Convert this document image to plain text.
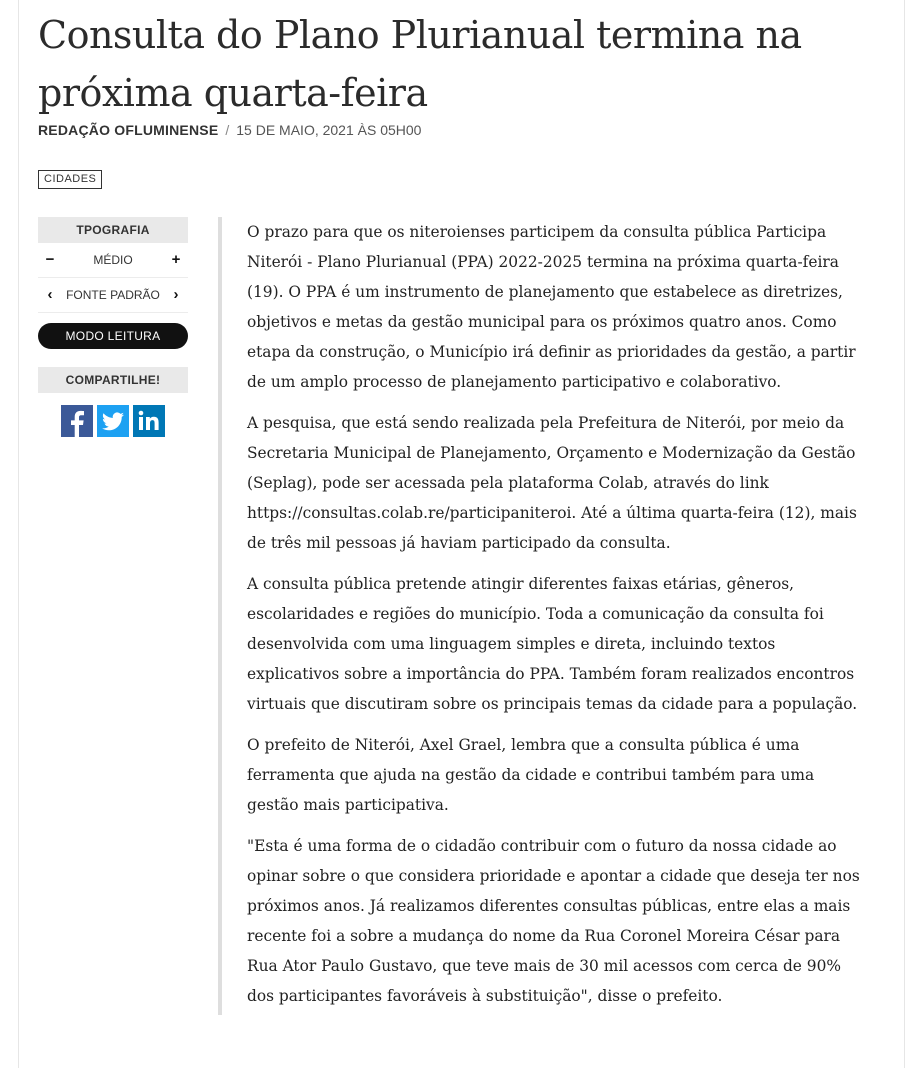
Consulta do Plano Plurianual termina na próxima quarta-feira
REDAÇÃO OFLUMINENSE / 15 DE MAIO, 2021 ÀS 05H00
CIDADES
TPOGRAFIA
−	MÉDIO	+
‹	FONTE PADRÃO ›
MODO LEITURA
COMPARTILHE!

O prazo para que os niteroienses participem da consulta pública Participa Niterói - Plano Plurianual (PPA) 2022-2025 termina na próxima quarta-feira (19). O PPA é um instrumento de planejamento que estabelece as diretrizes, objetivos e metas da gestão municipal para os próximos quatro anos. Como etapa da construção, o Município irá definir as prioridades da gestão, a partir de um amplo processo de planejamento participativo e colaborativo.

A pesquisa, que está sendo realizada pela Prefeitura de Niterói, por meio da Secretaria Municipal de Planejamento, Orçamento e Modernização da Gestão (Seplag), pode ser acessada pela plataforma Colab, através do link https://consultas.colab.re/participaniteroi. Até a última quarta-feira (12), mais de três mil pessoas já haviam participado da consulta.

A consulta pública pretende atingir diferentes faixas etárias, gêneros, escolaridades e regiões do município. Toda a comunicação da consulta foi desenvolvida com uma linguagem simples e direta, incluindo textos explicativos sobre a importância do PPA. Também foram realizados encontros virtuais que discutiram sobre os principais temas da cidade para a população.

O prefeito de Niterói, Axel Grael, lembra que a consulta pública é uma ferramenta que ajuda na gestão da cidade e contribui também para uma gestão mais participativa.

"Esta é uma forma de o cidadão contribuir com o futuro da nossa cidade ao opinar sobre o que considera prioridade e apontar a cidade que deseja ter nos próximos anos. Já realizamos diferentes consultas públicas, entre elas a mais recente foi a sobre a mudança do nome da Rua Coronel Moreira César para Rua Ator Paulo Gustavo, que teve mais de 30 mil acessos com cerca de 90% dos participantes favoráveis à substituição", disse o prefeito.
